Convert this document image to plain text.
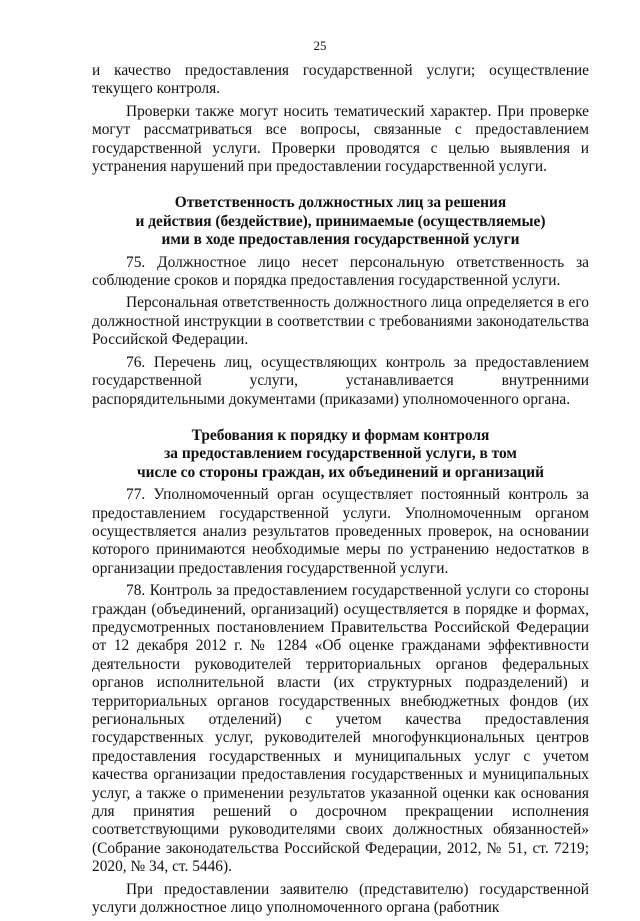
25

и качество предоставления государственной услуги; осуществление текущего контроля.

Проверки также могут носить тематический характер. При проверке могут рассматриваться все вопросы, связанные с предоставлением государственной услуги. Проверки проводятся с целью выявления и устранения нарушений при предоставлении государственной услуги.

Ответственность должностных лиц за решения
и действия (бездействие), принимаемые (осуществляемые)
ими в ходе предоставления государственной услуги

75. Должностное лицо несет персональную ответственность за соблюдение сроков и порядка предоставления государственной услуги.

Персональная ответственность должностного лица определяется в его должностной инструкции в соответствии с требованиями законодательства Российской Федерации.

76. Перечень лиц, осуществляющих контроль за предоставлением государственной услуги, устанавливается внутренними распорядительными документами (приказами) уполномоченного органа.

Требования к порядку и формам контроля
за предоставлением государственной услуги, в том
числе со стороны граждан, их объединений и организаций

77. Уполномоченный орган осуществляет постоянный контроль за предоставлением государственной услуги. Уполномоченным органом осуществляется анализ результатов проведенных проверок, на основании которого принимаются необходимые меры по устранению недостатков в организации предоставления государственной услуги.

78. Контроль за предоставлением государственной услуги со стороны граждан (объединений, организаций) осуществляется в порядке и формах, предусмотренных постановлением Правительства Российской Федерации от 12 декабря 2012 г. № 1284 «Об оценке гражданами эффективности деятельности руководителей территориальных органов федеральных органов исполнительной власти (их структурных подразделений) и территориальных органов государственных внебюджетных фондов (их региональных отделений) с учетом качества предоставления государственных услуг, руководителей многофункциональных центров предоставления государственных и муниципальных услуг с учетом качества организации предоставления государственных и муниципальных услуг, а также о применении результатов указанной оценки как основания для принятия решений о досрочном прекращении исполнения соответствующими руководителями своих должностных обязанностей» (Собрание законодательства Российской Федерации, 2012, № 51, ст. 7219; 2020, № 34, ст. 5446).

При предоставлении заявителю (представителю) государственной услуги должностное лицо уполномоченного органа (работник
